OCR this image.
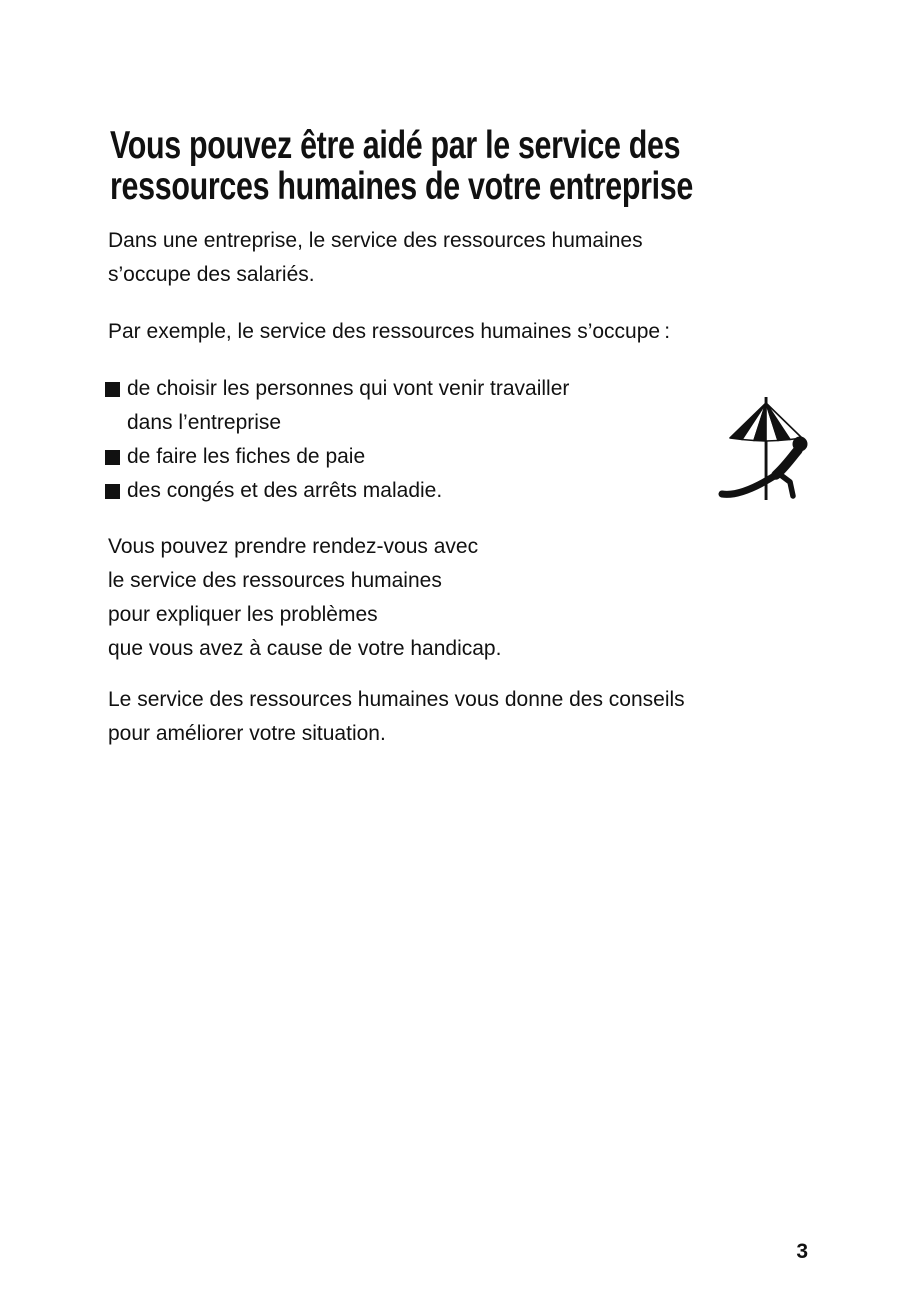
Vous pouvez être aidé par le service des
ressources humaines de votre entreprise
Dans une entreprise, le service des ressources humaines
s’occupe des salariés.
Par exemple, le service des ressources humaines s’occupe :
de choisir les personnes qui vont venir travailler
dans l’entreprise
de faire les fiches de paie
des congés et des arrêts maladie.
Vous pouvez prendre rendez-vous avec
le service des ressources humaines
pour expliquer les problèmes
que vous avez à cause de votre handicap.
Le service des ressources humaines vous donne des conseils
pour améliorer votre situation.
3
